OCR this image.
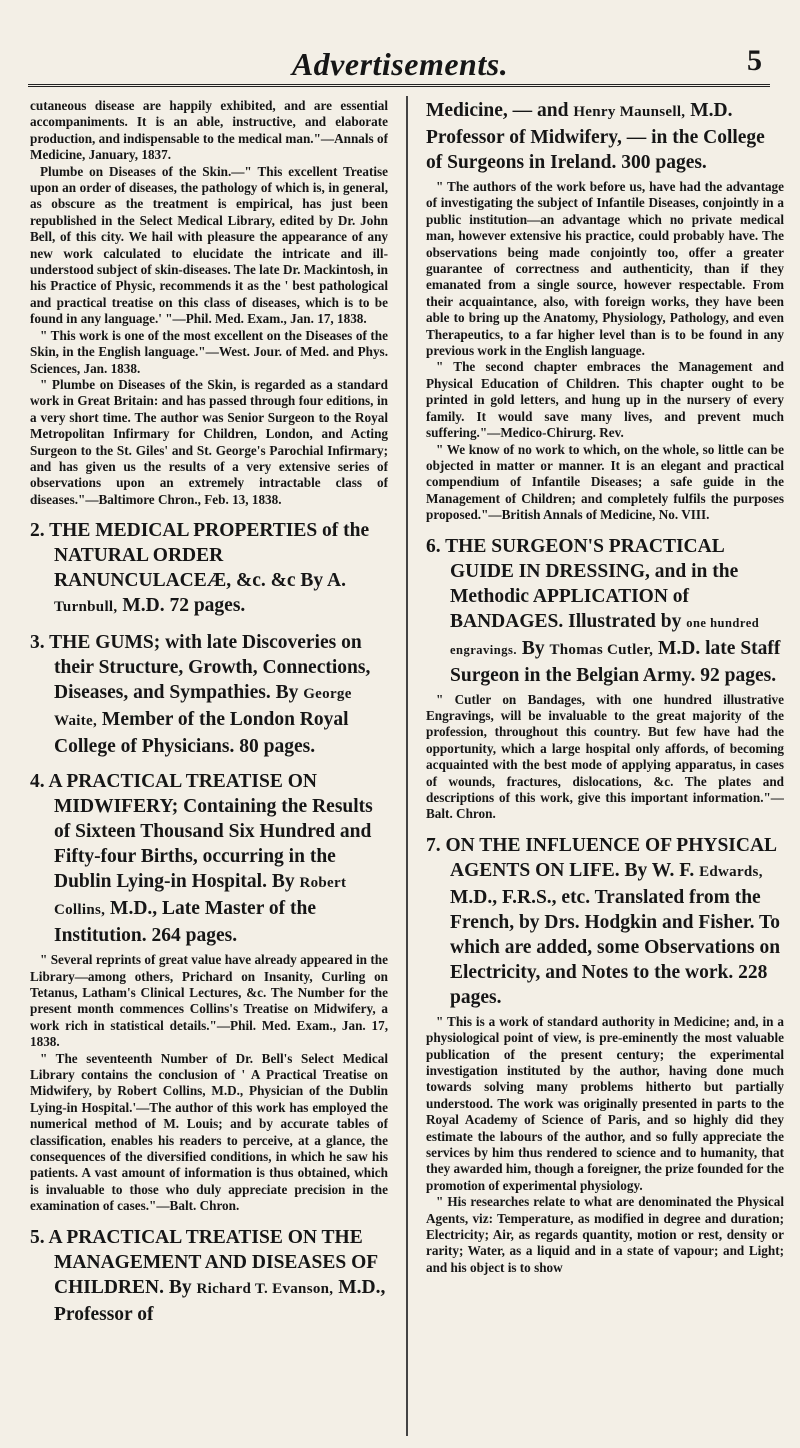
Advertisements.	5

cutaneous disease are happily exhibited, and are essential accompaniments. It is an able, instructive, and elaborate production, and indispensable to the medical man."—Annals of Medicine, January, 1837.

Plumbe on Diseases of the Skin.—" This excellent Treatise upon an order of diseases, the pathology of which is, in general, as obscure as the treatment is empirical, has just been republished in the Select Medical Library, edited by Dr. John Bell, of this city. We hail with pleasure the appearance of any new work calculated to elucidate the intricate and ill-understood subject of skin-diseases. The late Dr. Mackintosh, in his Practice of Physic, recommends it as the ' best pathological and practical treatise on this class of diseases, which is to be found in any language.' "—Phil. Med. Exam., Jan. 17, 1838.

" This work is one of the most excellent on the Diseases of the Skin, in the English language."—West. Jour. of Med. and Phys. Sciences, Jan. 1838.

" Plumbe on Diseases of the Skin, is regarded as a standard work in Great Britain: and has passed through four editions, in a very short time. The author was Senior Surgeon to the Royal Metropolitan Infirmary for Children, London, and Acting Surgeon to the St. Giles' and St. George's Parochial Infirmary; and has given us the results of a very extensive series of observations upon an extremely intractable class of diseases."—Baltimore Chron., Feb. 13, 1838.

2. THE MEDICAL PROPERTIES of the NATURAL ORDER RANUNCULACEÆ, &c. &c By A. Turnbull, M.D. 72 pages.
3. THE GUMS; with late Discoveries on their Structure, Growth, Connections, Diseases, and Sympathies. By George Waite, Member of the London Royal College of Physicians. 80 pages.
4. A PRACTICAL TREATISE ON MIDWIFERY; Containing the Results of Sixteen Thousand Six Hundred and Fifty-four Births, occurring in the Dublin Lying-in Hospital. By Robert Collins, M.D., Late Master of the Institution. 264 pages.

" Several reprints of great value have already appeared in the Library—among others, Prichard on Insanity, Curling on Tetanus, Latham's Clinical Lectures, &c. The Number for the present month commences Collins's Treatise on Midwifery, a work rich in statistical details."—Phil. Med. Exam., Jan. 17, 1838.

" The seventeenth Number of Dr. Bell's Select Medical Library contains the conclusion of ' A Practical Treatise on Midwifery, by Robert Collins, M.D., Physician of the Dublin Lying-in Hospital.'—The author of this work has employed the numerical method of M. Louis; and by accurate tables of classification, enables his readers to perceive, at a glance, the consequences of the diversified conditions, in which he saw his patients. A vast amount of information is thus obtained, which is invaluable to those who duly appreciate precision in the examination of cases."—Balt. Chron.

5. A PRACTICAL TREATISE ON THE MANAGEMENT AND DISEASES OF CHILDREN. By Richard T. Evanson, M.D., Professor of
Medicine, — and Henry Maunsell, M.D. Professor of Midwifery, — in the College of Surgeons in Ireland. 300 pages.

" The authors of the work before us, have had the advantage of investigating the subject of Infantile Diseases, conjointly in a public institution—an advantage which no private medical man, however extensive his practice, could probably have. The observations being made conjointly too, offer a greater guarantee of correctness and authenticity, than if they emanated from a single source, however respectable. From their acquaintance, also, with foreign works, they have been able to bring up the Anatomy, Physiology, Pathology, and even Therapeutics, to a far higher level than is to be found in any previous work in the English language.

" The second chapter embraces the Management and Physical Education of Children. This chapter ought to be printed in gold letters, and hung up in the nursery of every family. It would save many lives, and prevent much suffering."—Medico-Chirurg. Rev.

" We know of no work to which, on the whole, so little can be objected in matter or manner. It is an elegant and practical compendium of Infantile Diseases; a safe guide in the Management of Children; and completely fulfils the purposes proposed."—British Annals of Medicine, No. VIII.

6. THE SURGEON'S PRACTICAL GUIDE IN DRESSING, and in the Methodic APPLICATION of BANDAGES. Illustrated by one hundred engravings. By Thomas Cutler, M.D. late Staff Surgeon in the Belgian Army. 92 pages.

" Cutler on Bandages, with one hundred illustrative Engravings, will be invaluable to the great majority of the profession, throughout this country. But few have had the opportunity, which a large hospital only affords, of becoming acquainted with the best mode of applying apparatus, in cases of wounds, fractures, dislocations, &c. The plates and descriptions of this work, give this important information."—Balt. Chron.

7. ON THE INFLUENCE OF PHYSICAL AGENTS ON LIFE. By W. F. Edwards, M.D., F.R.S., etc. Translated from the French, by Drs. Hodgkin and Fisher. To which are added, some Observations on Electricity, and Notes to the work. 228 pages.

" This is a work of standard authority in Medicine; and, in a physiological point of view, is pre-eminently the most valuable publication of the present century; the experimental investigation instituted by the author, having done much towards solving many problems hitherto but partially understood. The work was originally presented in parts to the Royal Academy of Science of Paris, and so highly did they estimate the labours of the author, and so fully appreciate the services by him thus rendered to science and to humanity, that they awarded him, though a foreigner, the prize founded for the promotion of experimental physiology.

" His researches relate to what are denominated the Physical Agents, viz: Temperature, as modified in degree and duration; Electricity; Air, as regards quantity, motion or rest, density or rarity; Water, as a liquid and in a state of vapour; and Light; and his object is to show
